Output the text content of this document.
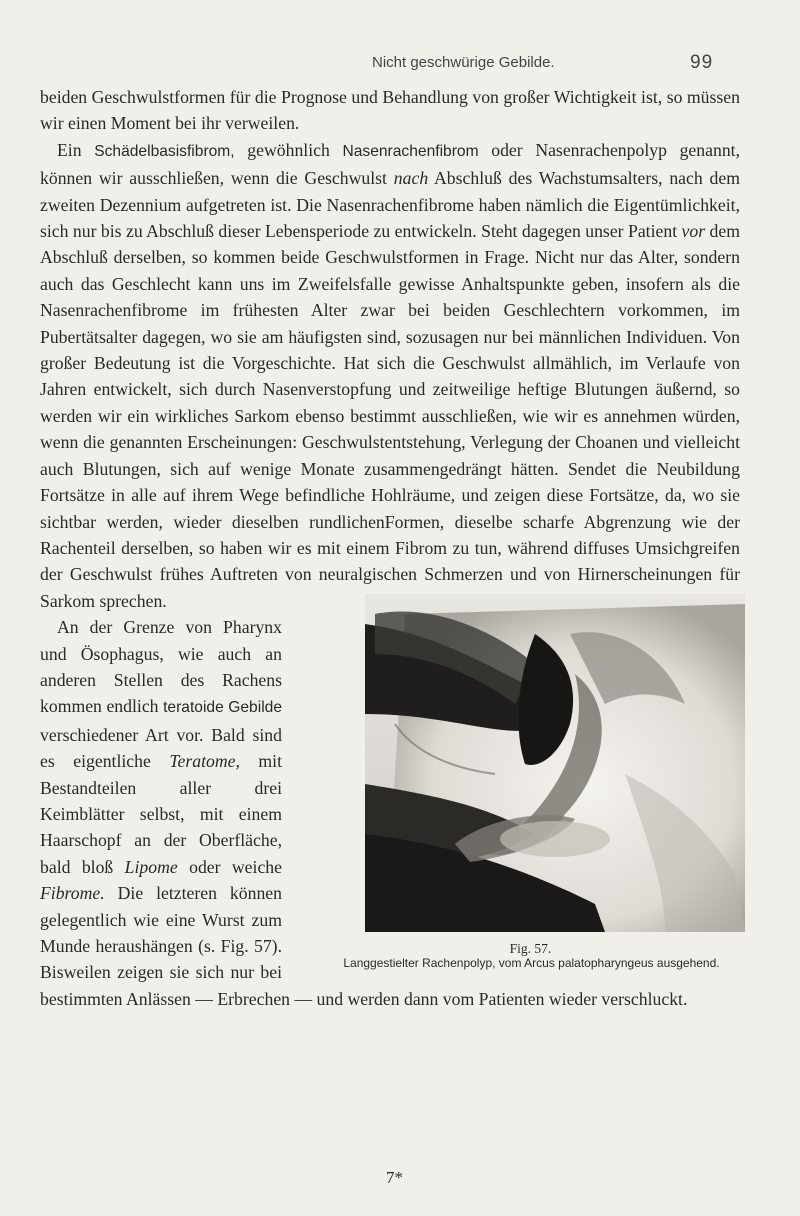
Nicht geschwürige Gebilde.	99

beiden Geschwulstformen für die Prognose und Behandlung von großer Wichtigkeit ist, so müssen wir einen Moment bei ihr verweilen.

Ein Schädelbasisfibrom, gewöhnlich Nasenrachenfibrom oder Nasenrachenpolyp genannt, können wir ausschließen, wenn die Geschwulst nach Abschluß des Wachstumsalters, nach dem zweiten Dezennium aufgetreten ist. Die Nasenrachenfibrome haben nämlich die Eigentümlichkeit, sich nur bis zu Abschluß dieser Lebensperiode zu entwickeln. Steht dagegen unser Patient vor dem Abschluß derselben, so kommen beide Geschwulstformen in Frage. Nicht nur das Alter, sondern auch das Geschlecht kann uns im Zweifelsfalle gewisse Anhaltspunkte geben, insofern als die Nasenrachenfibrome im frühesten Alter zwar bei beiden Geschlechtern vorkommen, im Pubertätsalter dagegen, wo sie am häufigsten sind, sozusagen nur bei männlichen Individuen. Von großer Bedeutung ist die Vorgeschichte. Hat sich die Geschwulst allmählich, im Verlaufe von Jahren entwickelt, sich durch Nasenverstopfung und zeitweilige heftige Blutungen äußernd, so werden wir ein wirkliches Sarkom ebenso bestimmt ausschließen, wie wir es annehmen würden, wenn die genannten Erscheinungen: Geschwulstentstehung, Verlegung der Choanen und vielleicht auch Blutungen, sich auf wenige Monate zusammengedrängt hätten. Sendet die Neubildung Fortsätze in alle auf ihrem Wege befindliche Hohlräume, und zeigen diese Fortsätze, da, wo sie sichtbar werden, wieder dieselben rundlichenFormen, dieselbe scharfe Abgrenzung wie der Rachenteil derselben, so haben wir es mit einem Fibrom zu tun, während diffuses Umsichgreifen der Geschwulst frühes Auftreten von neuralgischen Schmerzen und von Hirnerscheinungen für Sarkom sprechen.
Fig. 57.
Langgestielter Rachenpolyp, vom Arcus palatopharyngeus ausgehend.

An der Grenze von Pharynx und Ösophagus, wie auch an anderen Stellen des Rachens kommen endlich teratoide Gebilde verschiedener Art vor. Bald sind es eigentliche Teratome, mit Bestandteilen aller drei Keimblätter selbst, mit einem Haarschopf an der Oberfläche, bald bloß Lipome oder weiche Fibrome. Die letzteren können gelegentlich wie eine Wurst zum Munde heraushängen (s. Fig. 57). Bisweilen zeigen sie sich nur bei bestimmten Anlässen — Erbrechen — und werden dann vom Patienten wieder verschluckt.

7*
